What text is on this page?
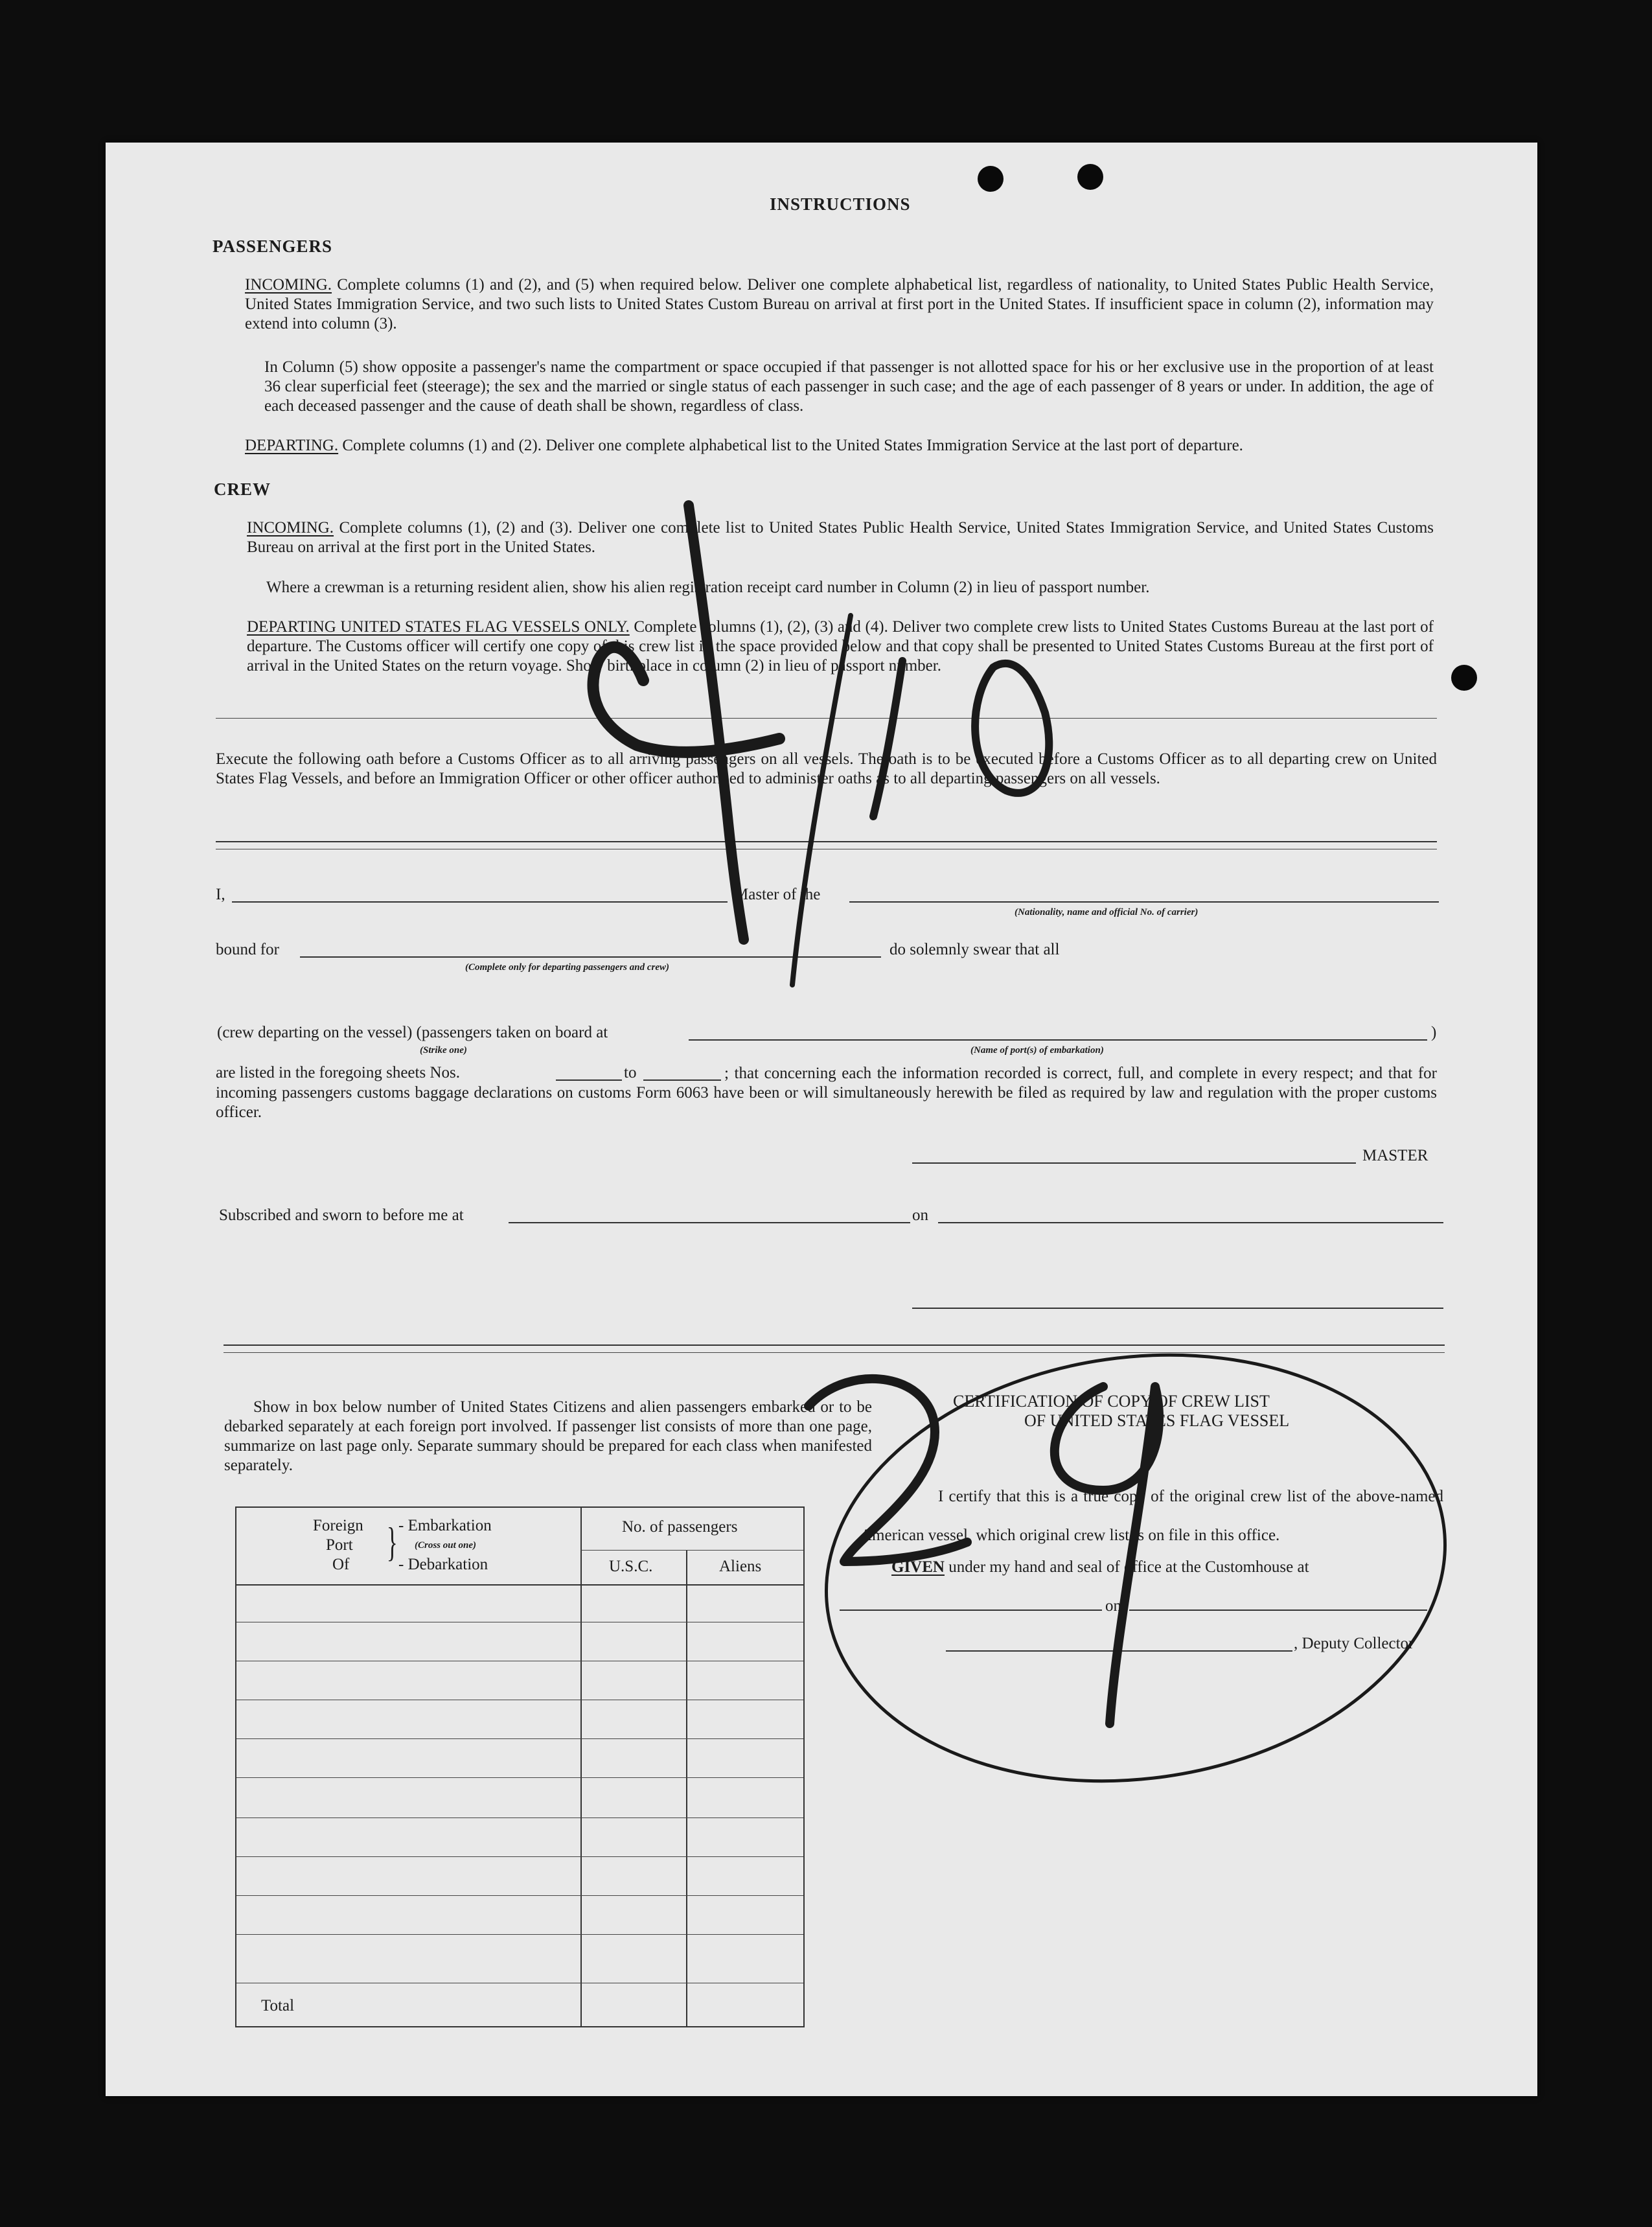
INSTRUCTIONS
PASSENGERS
INCOMING. Complete columns (1) and (2), and (5) when required below. Deliver one complete alphabetical list, regardless of nationality, to United States Public Health Service, United States Immigration Service, and two such lists to United States Custom Bureau on arrival at first port in the United States. If insufficient space in column (2), information may extend into column (3).
In Column (5) show opposite a passenger's name the compartment or space occupied if that passenger is not allotted space for his or her exclusive use in the proportion of at least 36 clear superficial feet (steerage); the sex and the married or single status of each passenger in such case; and the age of each passenger of 8 years or under. In addition, the age of each deceased passenger and the cause of death shall be shown, regardless of class.
DEPARTING. Complete columns (1) and (2). Deliver one complete alphabetical list to the United States Immigration Service at the last port of departure.
CREW
INCOMING. Complete columns (1), (2) and (3). Deliver one complete list to United States Public Health Service, United States Immigration Service, and United States Customs Bureau on arrival at the first port in the United States.
Where a crewman is a returning resident alien, show his alien registration receipt card number in Column (2) in lieu of passport number.
DEPARTING UNITED STATES FLAG VESSELS ONLY. Complete columns (1), (2), (3) and (4). Deliver two complete crew lists to United States Customs Bureau at the last port of departure. The Customs officer will certify one copy of this crew list in the space provided below and that copy shall be presented to United States Customs Bureau at the first port of arrival in the United States on the return voyage. Show birthplace in column (2) in lieu of passport number.
Execute the following oath before a Customs Officer as to all arriving passengers on all vessels. The oath is to be executed before a Customs Officer as to all departing crew on United States Flag Vessels, and before an Immigration Officer or other officer authorized to administer oaths as to all departing passengers on all vessels.
I,	Master of the
(Nationality, name and official No. of carrier)
bound for
(Complete only for departing passengers and crew)
do solemnly swear that all
(crew departing on the vessel) (passengers taken on board at	)
(Strike one)	(Name of port(s) of embarkation)
are listed in the foregoing sheets Nos.	to	; that concerning each the information recorded is correct, full, and complete in every respect; and that for incoming passengers customs baggage declarations on customs Form 6063 have been or will simultaneously herewith be filed as required by law and regulation with the proper customs officer.
MASTER
Subscribed and sworn to before me at	on
Show in box below number of United States Citizens and alien passengers embarked or to be debarked separately at each foreign port involved. If passenger list consists of more than one page, summarize on last page only. Separate summary should be prepared for each class when manifested separately.
Foreign
Port
Of } - Embarkation
(Cross out one)
- Debarkation
No. of passengers
U.S.C.	Aliens
Total
CERTIFICATION OF COPY OF CREW LIST
OF UNITED STATES FLAG VESSEL
I certify that this is a true copy of the original crew list of the above-named American vessel, which original crew list is on file in this office.
GIVEN under my hand and seal of office at the Customhouse at
on
, Deputy Collector
